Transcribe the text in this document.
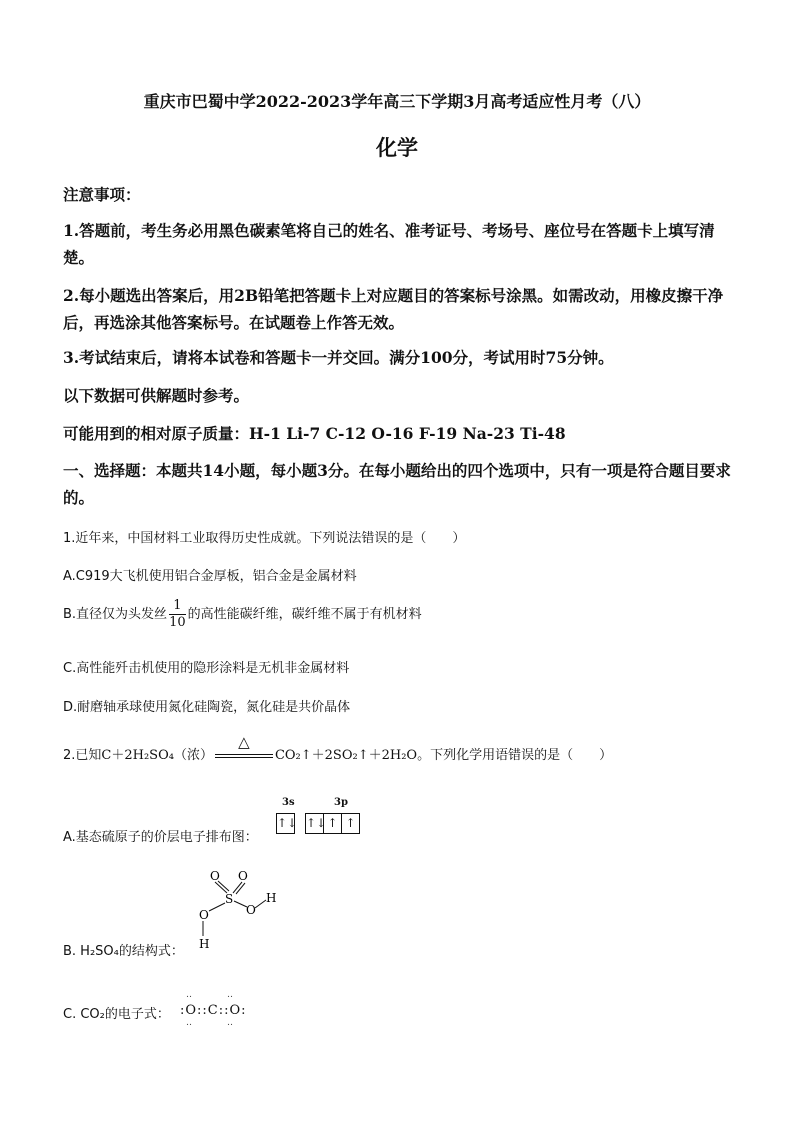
重庆市巴蜀中学2022-2023学年高三下学期3月高考适应性月考（八）
化学
注意事项：
1.答题前，考生务必用黑色碳素笔将自己的姓名、准考证号、考场号、座位号在答题卡上填写清楚。
2.每小题选出答案后，用2B铅笔把答题卡上对应题目的答案标号涂黑。如需改动，用橡皮擦干净后，再选涂其他答案标号。在试题卷上作答无效。
3.考试结束后，请将本试卷和答题卡一并交回。满分100分，考试用时75分钟。
以下数据可供解题时参考。
可能用到的相对原子质量：H-1 Li-7 C-12 O-16 F-19 Na-23 Ti-48
一、选择题：本题共14小题，每小题3分。在每小题给出的四个选项中，只有一项是符合题目要求的。
1.近年来，中国材料工业取得历史性成就。下列说法错误的是（　　）
A.C919大飞机使用铝合金厚板，铝合金是金属材料
B.直径仅为头发丝 $\frac{1}{10}$ 的高性能碳纤维，碳纤维不属于有机材料
C.高性能歼击机使用的隐形涂料是无机非金属材料
D.耐磨轴承球使用氮化硅陶瓷，氮化硅是共价晶体
2.已知C＋2H₂SO₄（浓）
△
CO₂↑＋2SO₂↑＋2H₂O。下列化学用语错误的是（　　）
A.基态硫原子的价层电子排布图：
3s	3p
↑↓ ↑↓ ↑ ↑
O O
S
O	O
H
H
B. H₂SO₄的结构式：
C. CO₂的电子式： :O::C::O:
‥	‥
‥	‥
